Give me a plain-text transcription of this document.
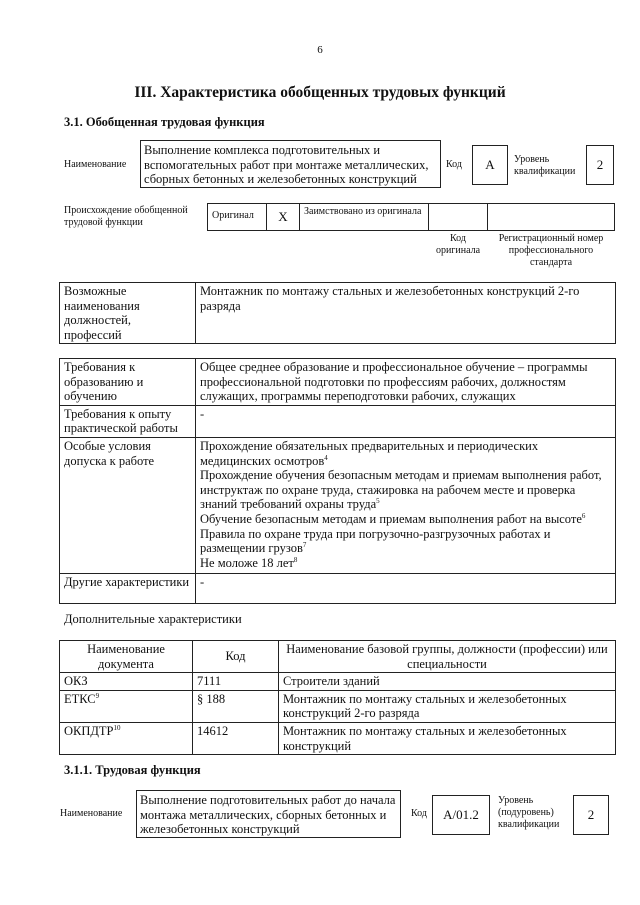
6
III. Характеристика обобщенных трудовых функций
3.1. Обобщенная трудовая функция
Наименование
Выполнение комплекса подготовительных и вспомогательных работ при монтаже металлических, сборных бетонных и железобетонных конструкций
Код	А	Уровень квалификации	2
Происхождение обобщенной трудовой функции
Оригинал	Х	Заимствовано из оригинала
Код оригинала
Регистрационный номер профессионального стандарта
Возможные наименования должностей, профессий	Монтажник по монтажу стальных и железобетонных конструкций 2-го разряда
Требования к образованию и обучению	Общее среднее образование и профессиональное обучение – программы профессиональной подготовки по профессиям рабочих, должностям служащих, программы переподготовки рабочих, служащих
Требования к опыту практической работы	-
Особые условия допуска к работе	Прохождение обязательных предварительных и периодических медицинских осмотров$^4$
Прохождение обучения безопасным методам и приемам выполнения работ, инструктаж по охране труда, стажировка на рабочем месте и проверка знаний требований охраны труда$^5$
Обучение безопасным методам и приемам выполнения работ на высоте$^6$
Правила по охране труда при погрузочно-разгрузочных работах и размещении грузов$^7$
Не моложе 18 лет$^8$

Другие характеристики	-
Дополнительные характеристики
Наименование документа	Код	Наименование базовой группы, должности (профессии) или специальности
ОКЗ	7111	Строители зданий
ЕТКС$^9$	§ 188	Монтажник по монтажу стальных и железобетонных конструкций 2-го разряда
ОКПДТР$^{10}$	14612	Монтажник по монтажу стальных и железобетонных конструкций
3.1.1. Трудовая функция
Наименование
Выполнение подготовительных работ до начала монтажа металлических, сборных бетонных и железобетонных конструкций
Код	А/01.2
Уровень (подуровень) квалификации
2
